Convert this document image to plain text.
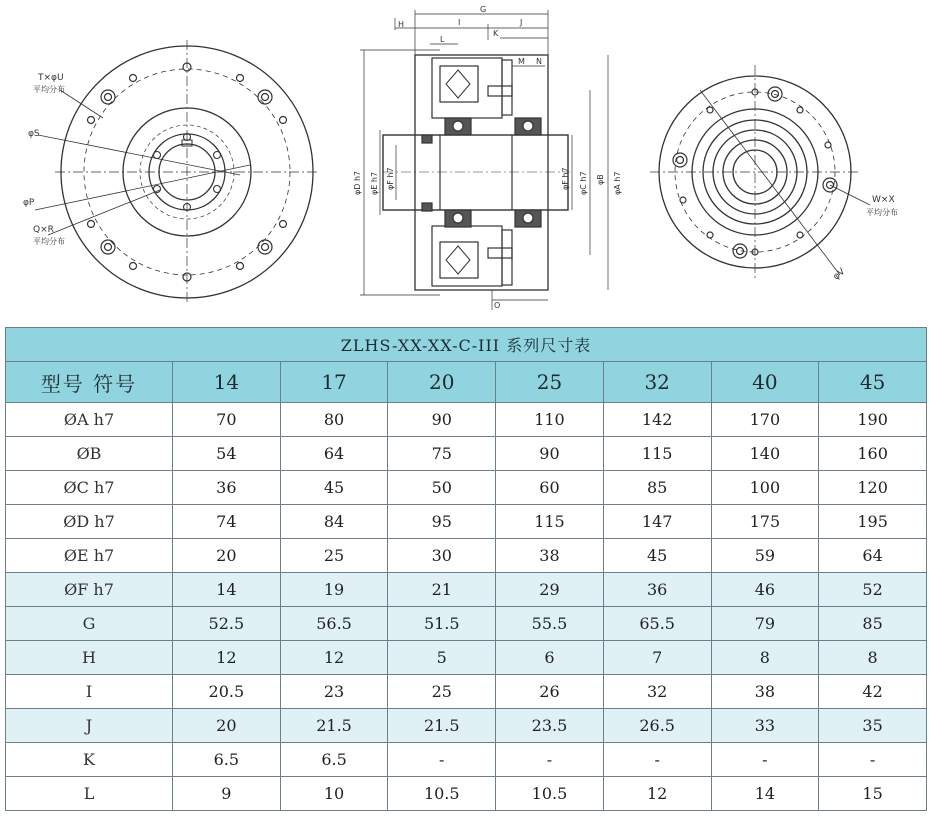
T×φU
平均分布
φS
φP
Q×R
平均分布
H	I
G
J
L
K
M N
O
φD h7 φE h7 φF h7	φF h7 φC h7 φB φA h7
W×X
平均分布
φV
ZLHS-XX-XX-C-III 系列尺寸表							
型号 符号	14	17	20	25	32	40	45
ØA h7	70	80	90	110	142	170	190
ØB	54	64	75	90	115	140	160
ØC h7	36	45	50	60	85	100	120
ØD h7	74	84	95	115	147	175	195
ØE h7	20	25	30	38	45	59	64
ØF h7	14	19	21	29	36	46	52
G	52.5	56.5	51.5	55.5	65.5	79	85
H	12	12	5	6	7	8	8
I	20.5	23	25	26	32	38	42
J	20	21.5	21.5	23.5	26.5	33	35
K	6.5	6.5	-	-	-	-	-
L	9	10	10.5	10.5	12	14	15
